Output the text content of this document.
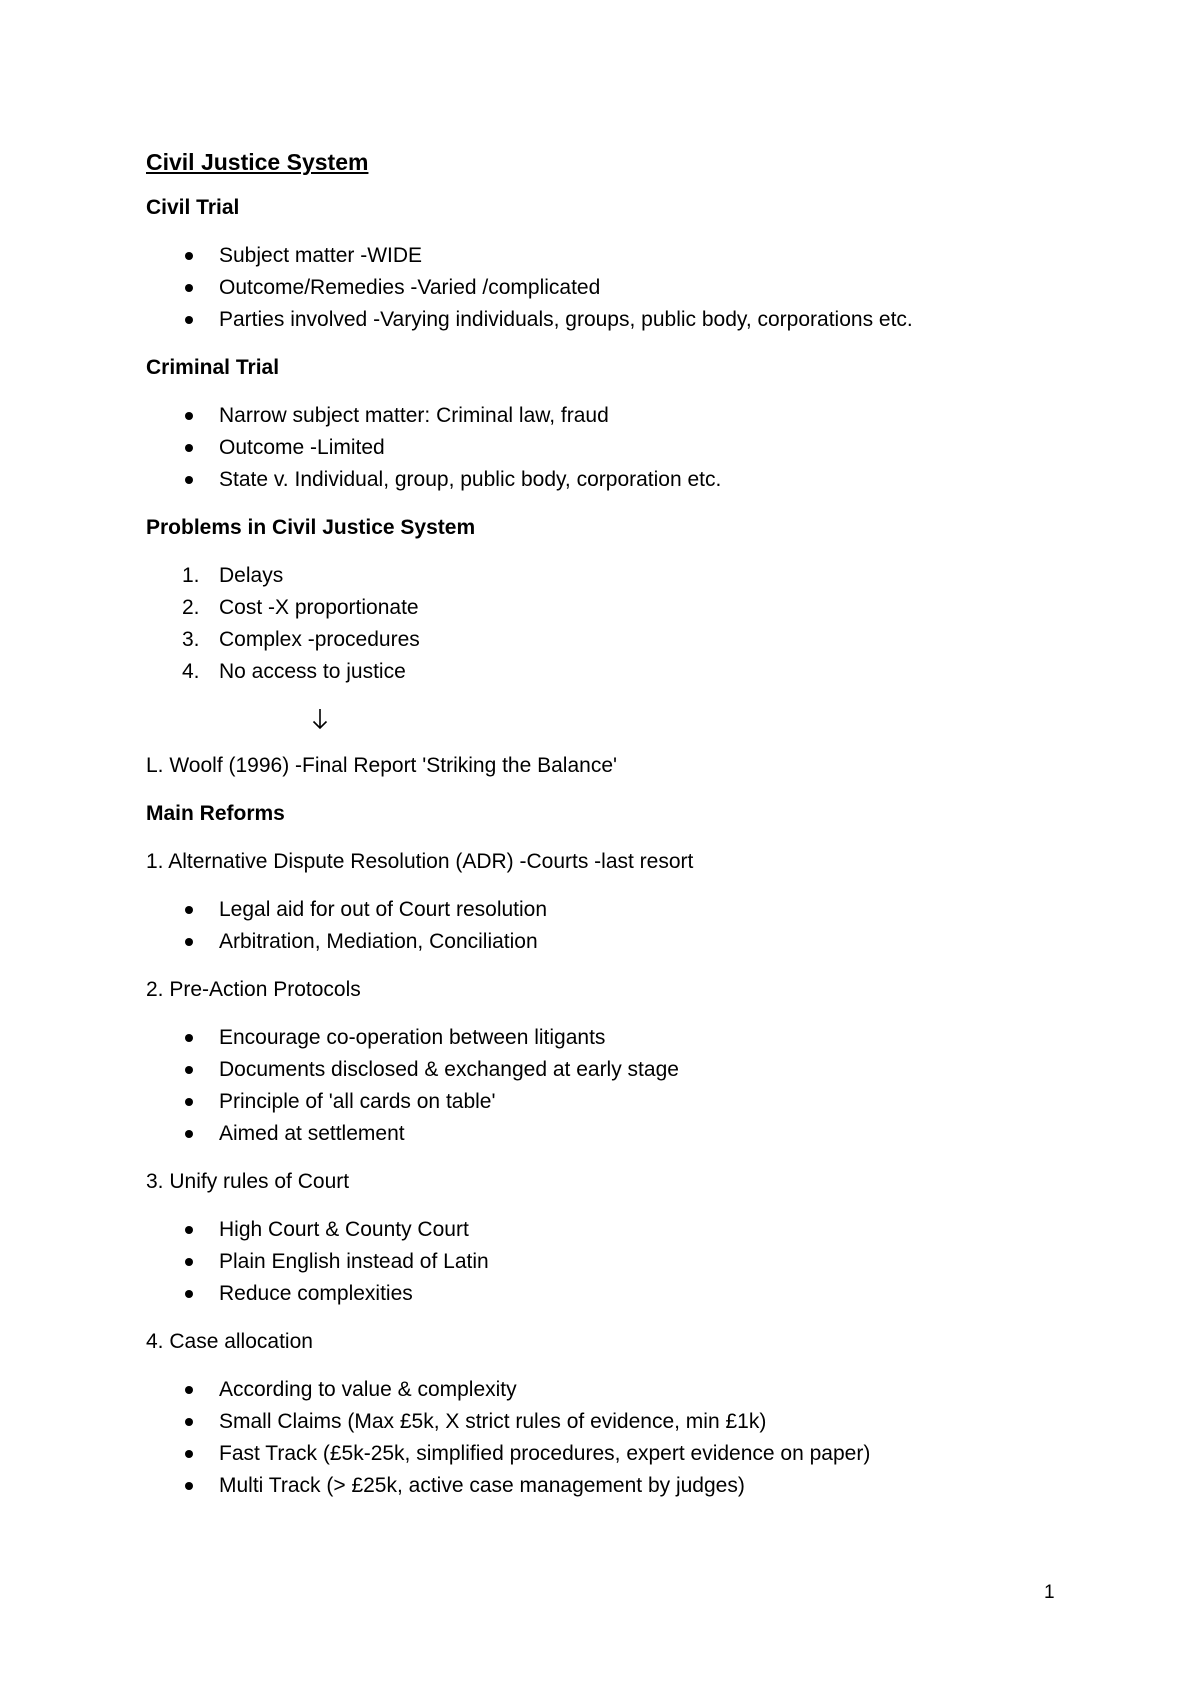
Civil Justice System
Civil Trial
Subject matter -WIDE
Outcome/Remedies -Varied /complicated
Parties involved -Varying individuals, groups, public body, corporations etc.
Criminal Trial
Narrow subject matter: Criminal law, fraud
Outcome -Limited
State v. Individual, group, public body, corporation etc.
Problems in Civil Justice System
1. Delays
2. Cost -X proportionate
3. Complex -procedures
4. No access to justice
L. Woolf (1996) -Final Report 'Striking the Balance'
Main Reforms
1. Alternative Dispute Resolution (ADR) -Courts -last resort
Legal aid for out of Court resolution
Arbitration, Mediation, Conciliation
2. Pre-Action Protocols
Encourage co-operation between litigants
Documents disclosed & exchanged at early stage
Principle of 'all cards on table'
Aimed at settlement
3. Unify rules of Court
High Court & County Court
Plain English instead of Latin
Reduce complexities
4. Case allocation
According to value & complexity
Small Claims (Max £5k, X strict rules of evidence, min £1k)
Fast Track (£5k-25k, simplified procedures, expert evidence on paper)
Multi Track (> £25k, active case management by judges)
1
